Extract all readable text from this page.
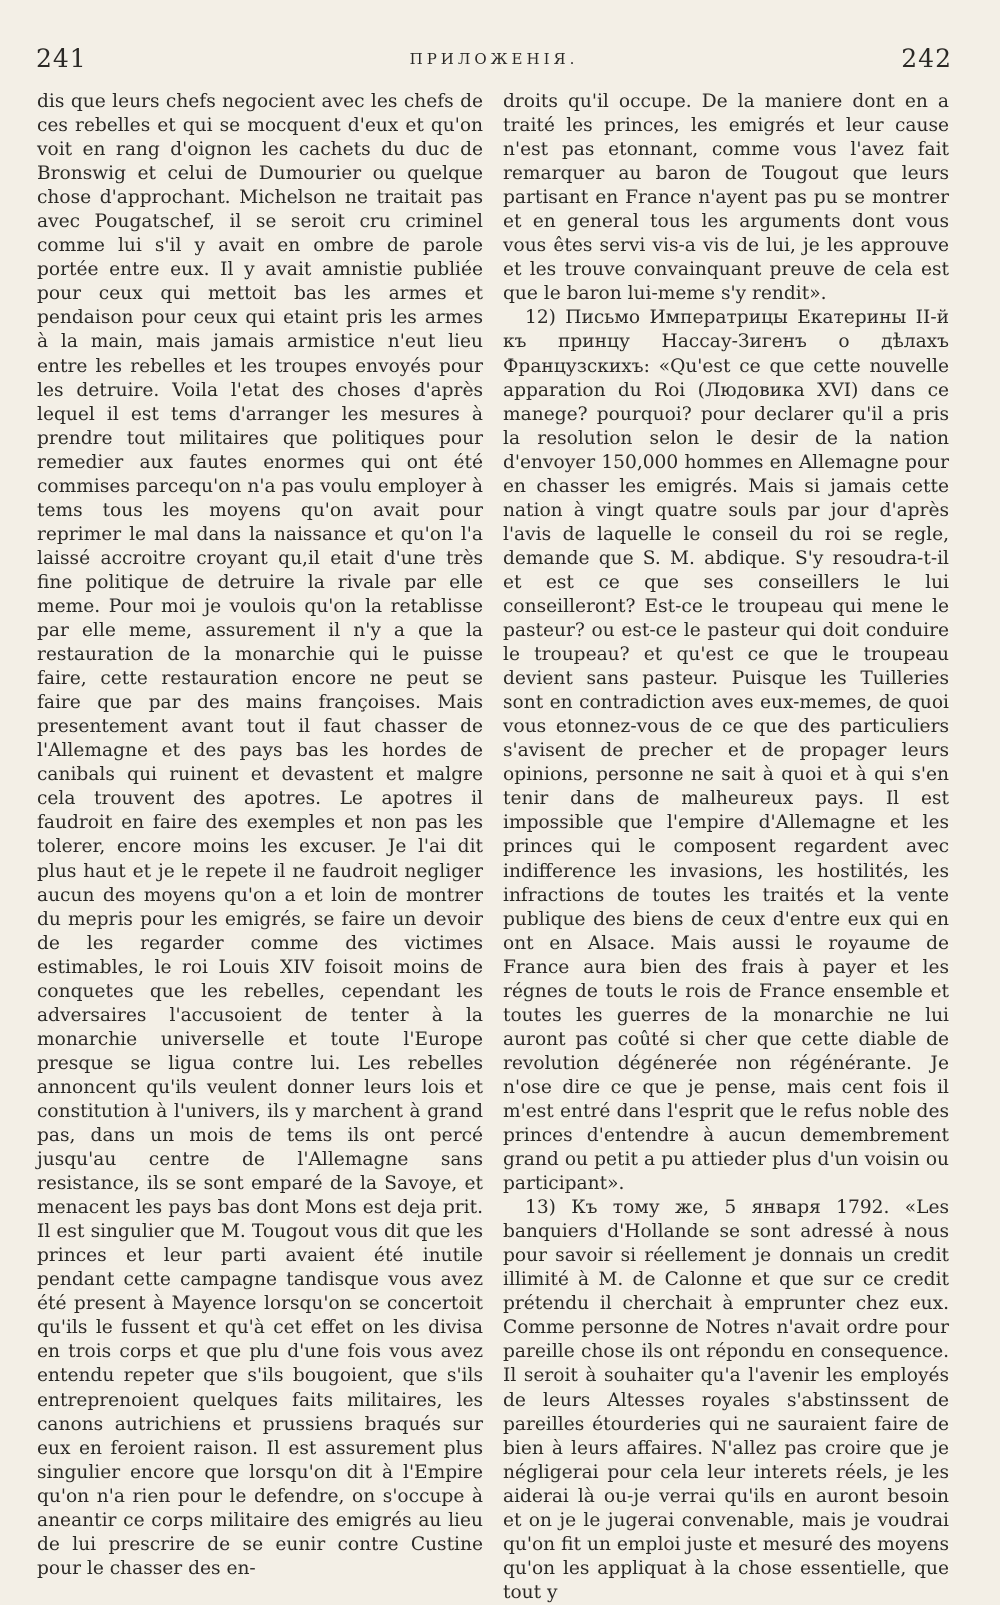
241	ПРИЛОЖЕНІЯ.	242

dis que leurs chefs negocient avec les chefs de ces rebelles et qui se mocquent d'eux et qu'on voit en rang d'oignon les cachets du duc de Bronswig et celui de Dumourier ou quelque chose d'approchant. Michelson ne traitait pas avec Pougatschef, il se seroit cru criminel comme lui s'il y avait en ombre de parole portée entre eux. Il y avait amnistie publiée pour ceux qui mettoit bas les armes et pendaison pour ceux qui etaint pris les armes à la main, mais jamais armistice n'eut lieu entre les rebelles et les troupes envoyés pour les detruire. Voila l'etat des choses d'après lequel il est tems d'arranger les mesures à prendre tout militaires que politiques pour remedier aux fautes enormes qui ont été commises parcequ'on n'a pas voulu employer à tems tous les moyens qu'on avait pour reprimer le mal dans la naissance et qu'on l'a laissé accroitre croyant qu,il etait d'une très fine politique de detruire la rivale par elle meme. Pour moi je voulois qu'on la retablisse par elle meme, assurement il n'y a que la restauration de la monarchie qui le puisse faire, cette restauration encore ne peut se faire que par des mains françoises. Mais presentement avant tout il faut chasser de l'Allemagne et des pays bas les hordes de canibals qui ruinent et devastent et malgre cela trouvent des apotres. Le apotres il faudroit en faire des exemples et non pas les tolerer, encore moins les excuser. Je l'ai dit plus haut et je le repete il ne faudroit negliger aucun des moyens qu'on a et loin de montrer du mepris pour les emigrés, se faire un devoir de les regarder comme des victimes estimables, le roi Louis XIV foisoit moins de conquetes que les rebelles, cependant les adversaires l'accusoient de tenter à la monarchie universelle et toute l'Europe presque se ligua contre lui. Les rebelles annoncent qu'ils veulent donner leurs lois et constitution à l'univers, ils y marchent à grand pas, dans un mois de tems ils ont percé jusqu'au centre de l'Allemagne sans resistance, ils se sont emparé de la Savoye, et menacent les pays bas dont Mons est deja prit. Il est singulier que M. Tougout vous dit que les princes et leur parti avaient été inutile pendant cette campagne tandisque vous avez été present à Mayence lorsqu'on se concertoit qu'ils le fussent et qu'à cet effet on les divisa en trois corps et que plu d'une fois vous avez entendu repeter que s'ils bougoient, que s'ils entreprenoient quelques faits militaires, les canons autrichiens et prussiens braqués sur eux en feroient raison. Il est assurement plus singulier encore que lorsqu'on dit à l'Empire qu'on n'a rien pour le defendre, on s'occupe à aneantir ce corps militaire des emigrés au lieu de lui prescrire de se eunir contre Custine pour le chasser des en-

droits qu'il occupe. De la maniere dont en a traité les princes, les emigrés et leur cause n'est pas etonnant, comme vous l'avez fait remarquer au baron de Tougout que leurs partisant en France n'ayent pas pu se montrer et en general tous les arguments dont vous vous êtes servi vis-a vis de lui, je les approuve et les trouve convainquant preuve de cela est que le baron lui-meme s'y rendit».

12) Письмо Императрицы Екатерины II-й къ принцу Нассау-Зигенъ о дѣлахъ Французскихъ: «Qu'est ce que cette nouvelle apparation du Roi (Людовика XVI) dans ce manege? pourquoi? pour declarer qu'il a pris la resolution selon le desir de la nation d'envoyer 150,000 hommes en Allemagne pour en chasser les emigrés. Mais si jamais cette nation à vingt quatre souls par jour d'après l'avis de laquelle le conseil du roi se regle, demande que S. M. abdique. S'y resoudra-t-il et est ce que ses conseillers le lui conseilleront? Est-ce le troupeau qui mene le pasteur? ou est-ce le pasteur qui doit conduire le troupeau? et qu'est ce que le troupeau devient sans pasteur. Puisque les Tuilleries sont en contradiction aves eux-memes, de quoi vous etonnez-vous de ce que des particuliers s'avisent de precher et de propager leurs opinions, personne ne sait à quoi et à qui s'en tenir dans de malheureux pays. Il est impossible que l'empire d'Allemagne et les princes qui le composent regardent avec indifference les invasions, les hostilités, les infractions de toutes les traités et la vente publique des biens de ceux d'entre eux qui en ont en Alsace. Mais aussi le royaume de France aura bien des frais à payer et les régnes de touts le rois de France ensemble et toutes les guerres de la monarchie ne lui auront pas coûté si cher que cette diable de revolution dégénerée non régénérante. Je n'ose dire ce que je pense, mais cent fois il m'est entré dans l'esprit que le refus noble des princes d'entendre à aucun demembrement grand ou petit a pu attieder plus d'un voisin ou participant».

13) Къ тому же, 5 января 1792. «Les banquiers d'Hollande se sont adressé à nous pour savoir si réellement je donnais un credit illimité à M. de Calonne et que sur ce credit prétendu il cherchait à emprunter chez eux. Comme personne de Notres n'avait ordre pour pareille chose ils ont répondu en consequence. Il seroit à souhaiter qu'a l'avenir les employés de leurs Altesses royales s'abstinssent de pareilles étourderies qui ne sauraient faire de bien à leurs affaires. N'allez pas croire que je négligerai pour cela leur interets réels, je les aiderai là ou-je verrai qu'ils en auront besoin et on je le jugerai convenable, mais je voudrai qu'on fit un emploi juste et mesuré des moyens qu'on les appliquat à la chose essentielle, que tout y
